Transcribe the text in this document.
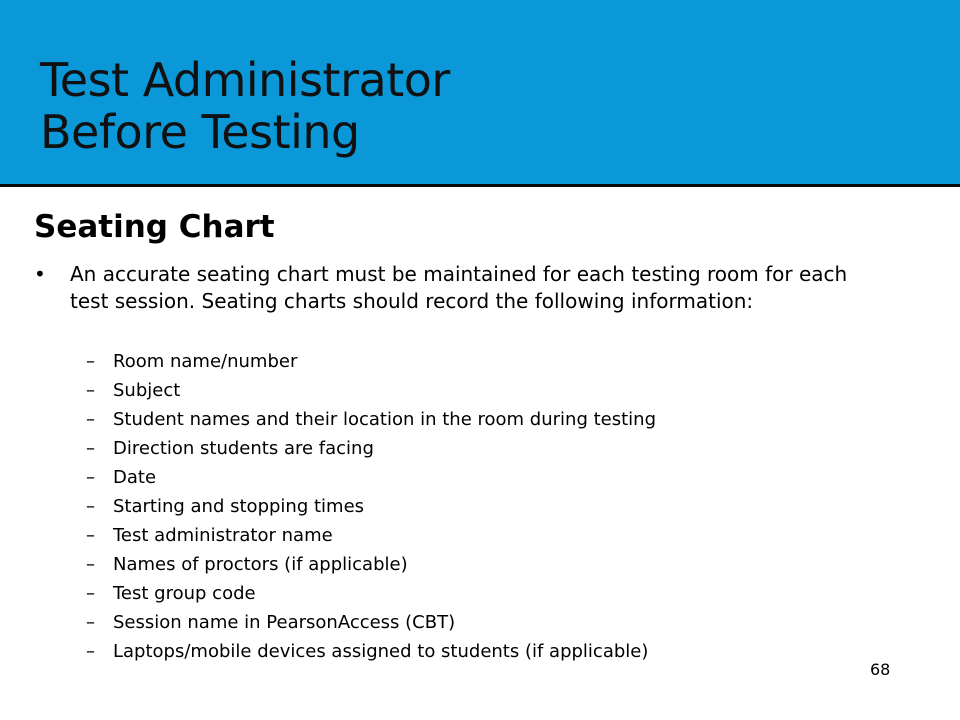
Test Administrator
Before Testing
Seating Chart
• An accurate seating chart must be maintained for each testing room for each test session. Seating charts should record the following information:
– Room name/number
– Subject
– Student names and their location in the room during testing
– Direction students are facing
– Date
– Starting and stopping times
– Test administrator name
– Names of proctors (if applicable)
– Test group code
– Session name in PearsonAccess (CBT)
– Laptops/mobile devices assigned to students (if applicable)
68
